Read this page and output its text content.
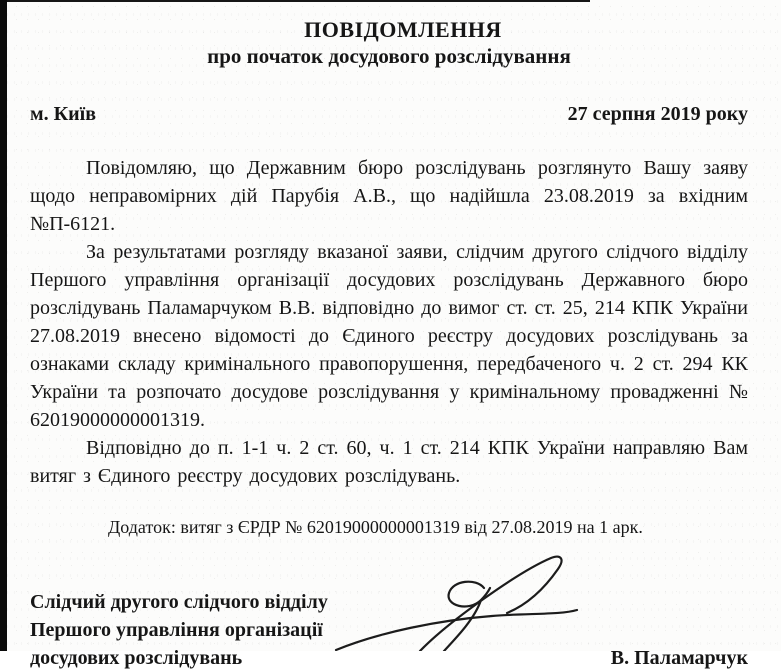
ПОВІДОМЛЕННЯ
про початок досудового розслідування
м. Київ	27 серпня 2019 року

Повідомляю, що Державним бюро розслідувань розглянуто Вашу заяву щодо неправомірних дій Парубія А.В., що надійшла 23.08.2019 за вхідним №П-6121.

За результатами розгляду вказаної заяви, слідчим другого слідчого відділу Першого управління організації досудових розслідувань Державного бюро розслідувань Паламарчуком В.В. відповідно до вимог ст. ст. 25, 214 КПК України 27.08.2019 внесено відомості до Єдиного реєстру досудових розслідувань за ознаками складу кримінального правопорушення, передбаченого ч. 2 ст. 294 КК України та розпочато досудове розслідування у кримінальному провадженні № 62019000000001319.

Відповідно до п. 1-1 ч. 2 ст. 60, ч. 1 ст. 214 КПК України направляю Вам витяг з Єдиного реєстру досудових розслідувань.

Додаток: витяг з ЄРДР № 62019000000001319 від 27.08.2019 на 1 арк.

Слідчий другого слідчого відділу

Першого управління організації

досудових розслідувань	В. Паламарчук
